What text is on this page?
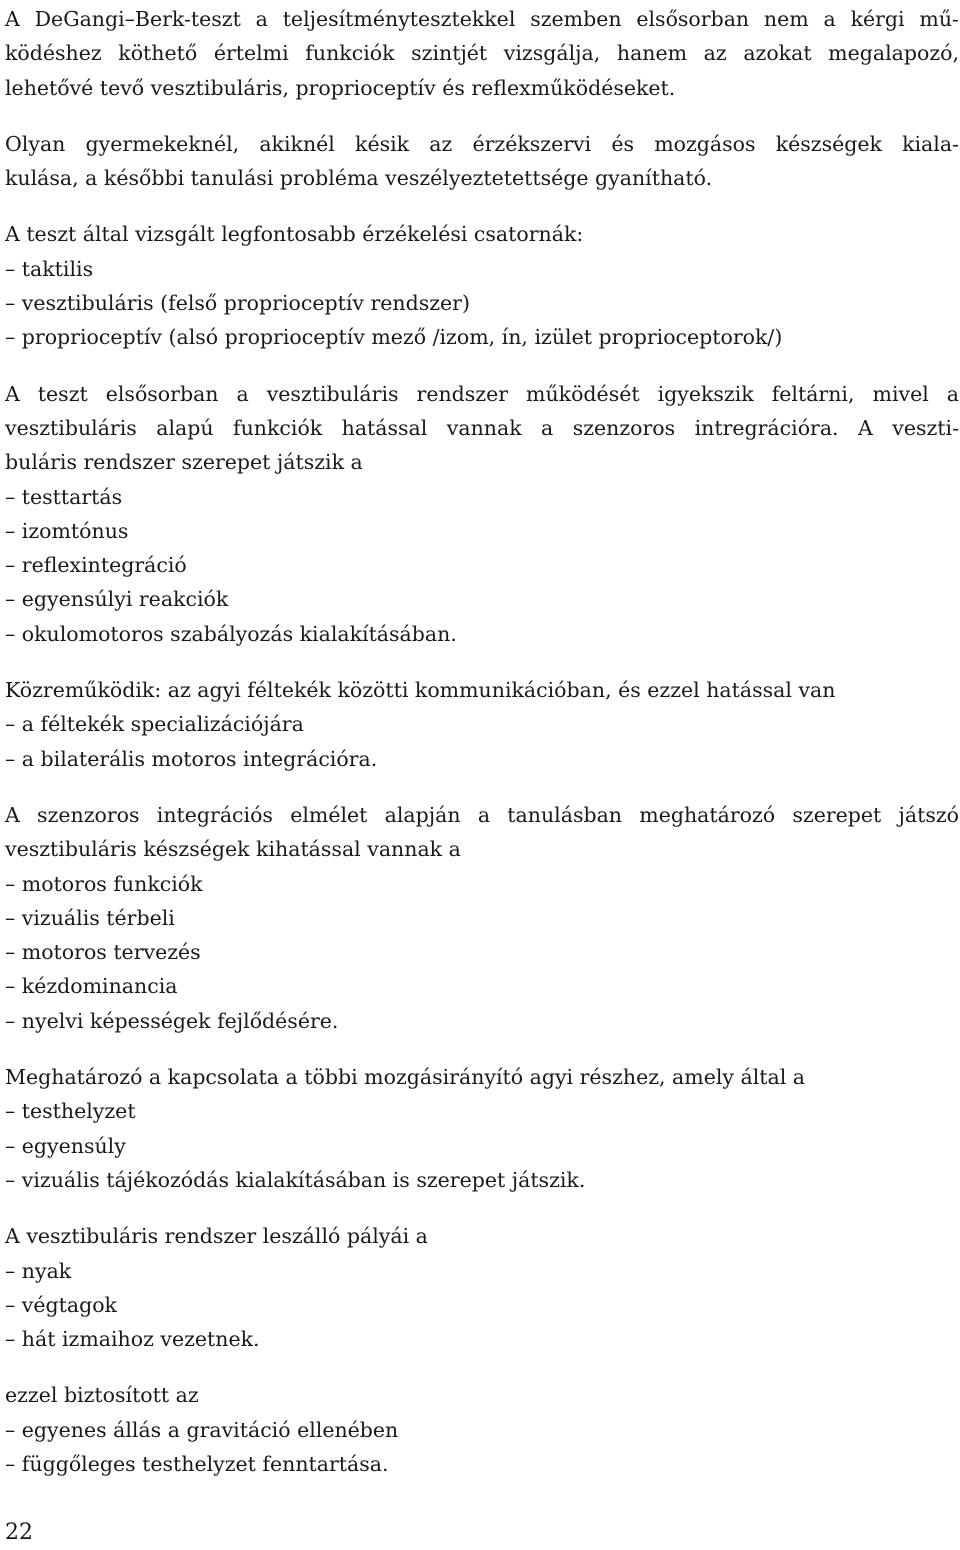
A DeGangi–Berk-teszt a teljesítménytesztekkel szemben elsősorban nem a kérgi mű-
ködéshez köthető értelmi funkciók szintjét vizsgálja, hanem az azokat megalapozó,
lehetővé tevő vesztibuláris, proprioceptív és reflexműködéseket.

Olyan gyermekeknél, akiknél késik az érzékszervi és mozgásos készségek kiala-
kulása, a későbbi tanulási probléma veszélyeztetettsége gyanítható.

A teszt által vizsgált legfontosabb érzékelési csatornák:
– taktilis
– vesztibuláris (felső proprioceptív rendszer)
– proprioceptív (alsó proprioceptív mező /izom, ín, izület proprioceptorok/)

A teszt elsősorban a vesztibuláris rendszer működését igyekszik feltárni, mivel a
vesztibuláris alapú funkciók hatással vannak a szenzoros intregrációra. A veszti-
buláris rendszer szerepet játszik a
– testtartás
– izomtónus
– reflexintegráció
– egyensúlyi reakciók
– okulomotoros szabályozás kialakításában.

Közreműködik: az agyi féltekék közötti kommunikációban, és ezzel hatással van
– a féltekék specializációjára
– a bilaterális motoros integrációra.

A szenzoros integrációs elmélet alapján a tanulásban meghatározó szerepet játszó
vesztibuláris készségek kihatással vannak a
– motoros funkciók
– vizuális térbeli
– motoros tervezés
– kézdominancia
– nyelvi képességek fejlődésére.

Meghatározó a kapcsolata a többi mozgásirányító agyi részhez, amely által a
– testhelyzet
– egyensúly
– vizuális tájékozódás kialakításában is szerepet játszik.

A vesztibuláris rendszer leszálló pályái a
– nyak
– végtagok
– hát izmaihoz vezetnek.

ezzel biztosított az
– egyenes állás a gravitáció ellenében
– függőleges testhelyzet fenntartása.

22
